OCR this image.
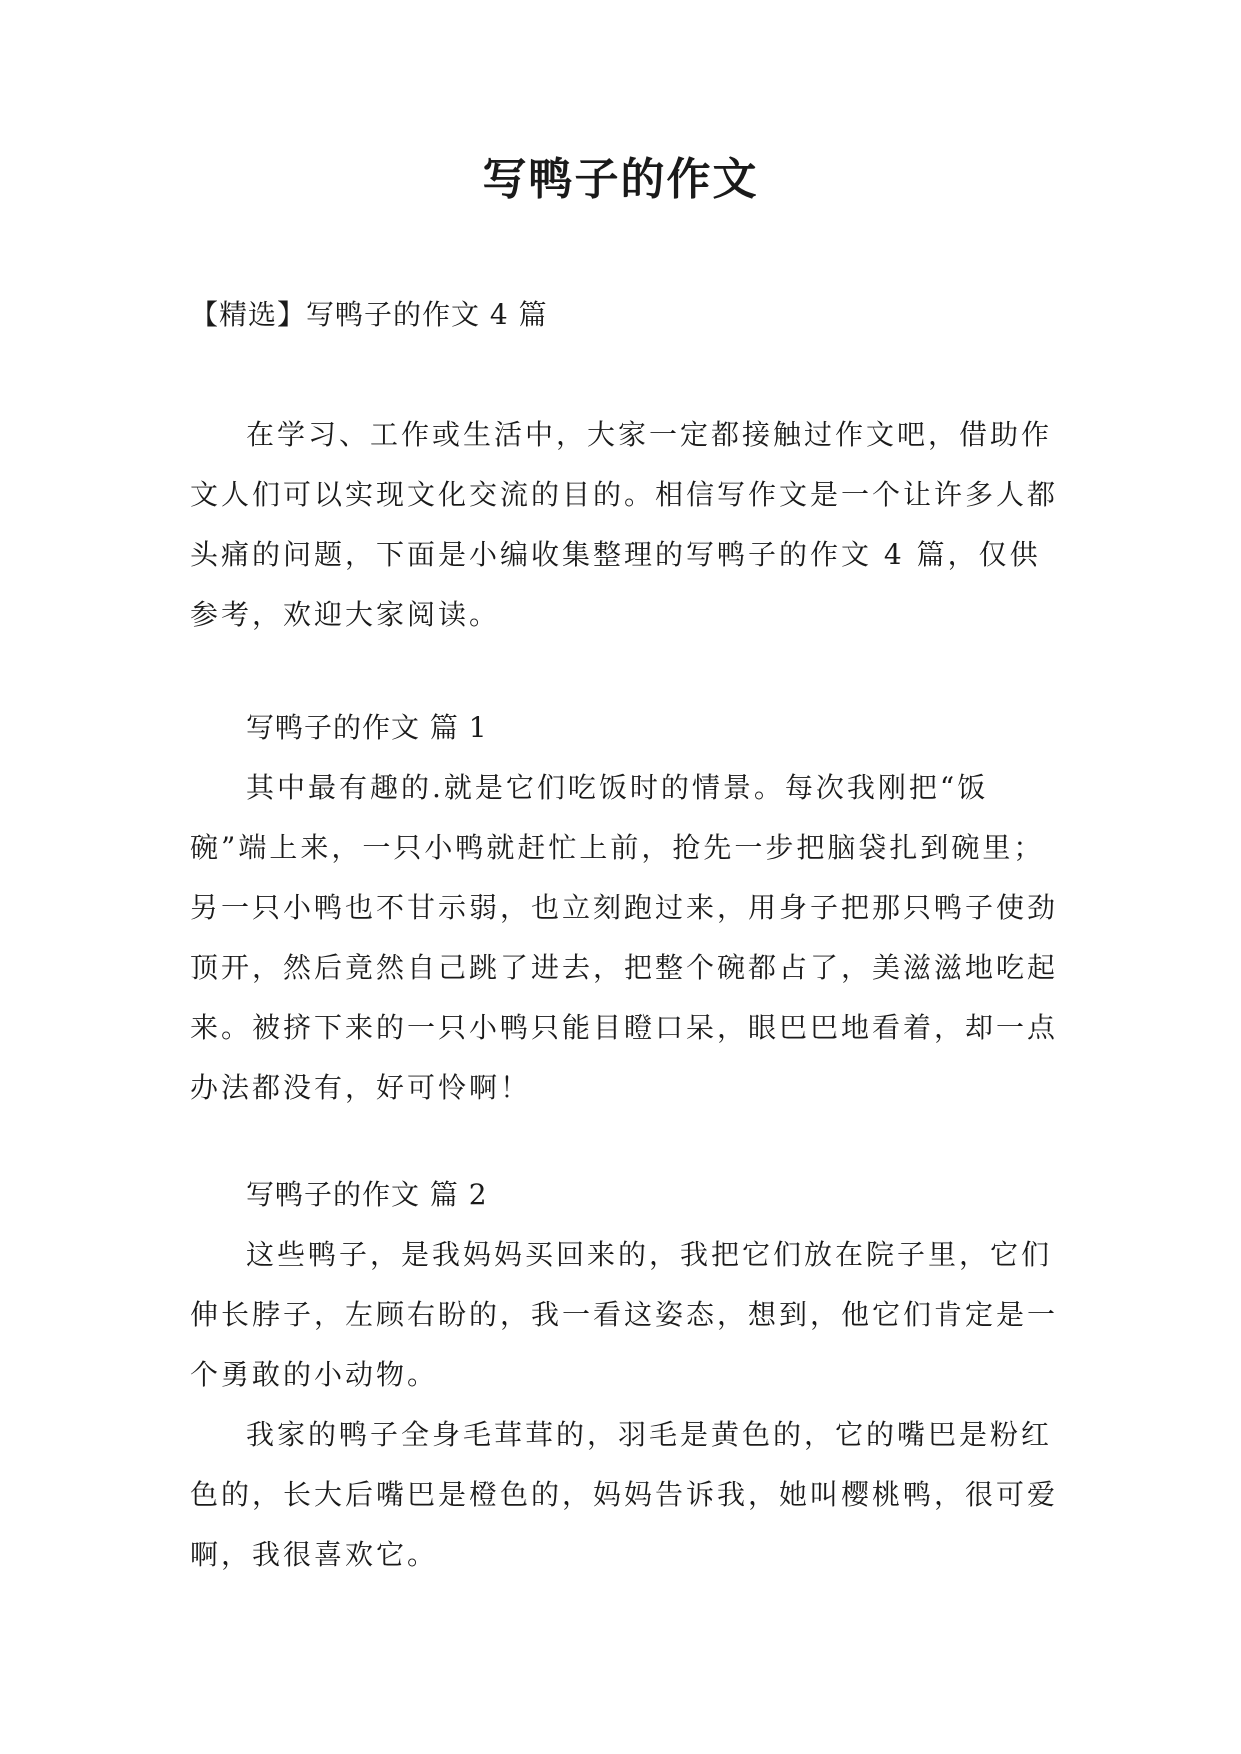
写鸭子的作文
【精选】写鸭子的作文 4 篇

在学习、工作或生活中，大家一定都接触过作文吧，借助作文人们可以实现文化交流的目的。相信写作文是一个让许多人都头痛的问题，下面是小编收集整理的写鸭子的作文 4 篇，仅供参考，欢迎大家阅读。

写鸭子的作文 篇 1

其中最有趣的.就是它们吃饭时的情景。每次我刚把“饭碗”端上来，一只小鸭就赶忙上前，抢先一步把脑袋扎到碗里；另一只小鸭也不甘示弱，也立刻跑过来，用身子把那只鸭子使劲顶开，然后竟然自己跳了进去，把整个碗都占了，美滋滋地吃起来。被挤下来的一只小鸭只能目瞪口呆，眼巴巴地看着，却一点办法都没有，好可怜啊！

写鸭子的作文 篇 2

这些鸭子，是我妈妈买回来的，我把它们放在院子里，它们伸长脖子，左顾右盼的，我一看这姿态，想到，他它们肯定是一个勇敢的小动物。

我家的鸭子全身毛茸茸的，羽毛是黄色的，它的嘴巴是粉红色的，长大后嘴巴是橙色的，妈妈告诉我，她叫樱桃鸭，很可爱啊，我很喜欢它。
